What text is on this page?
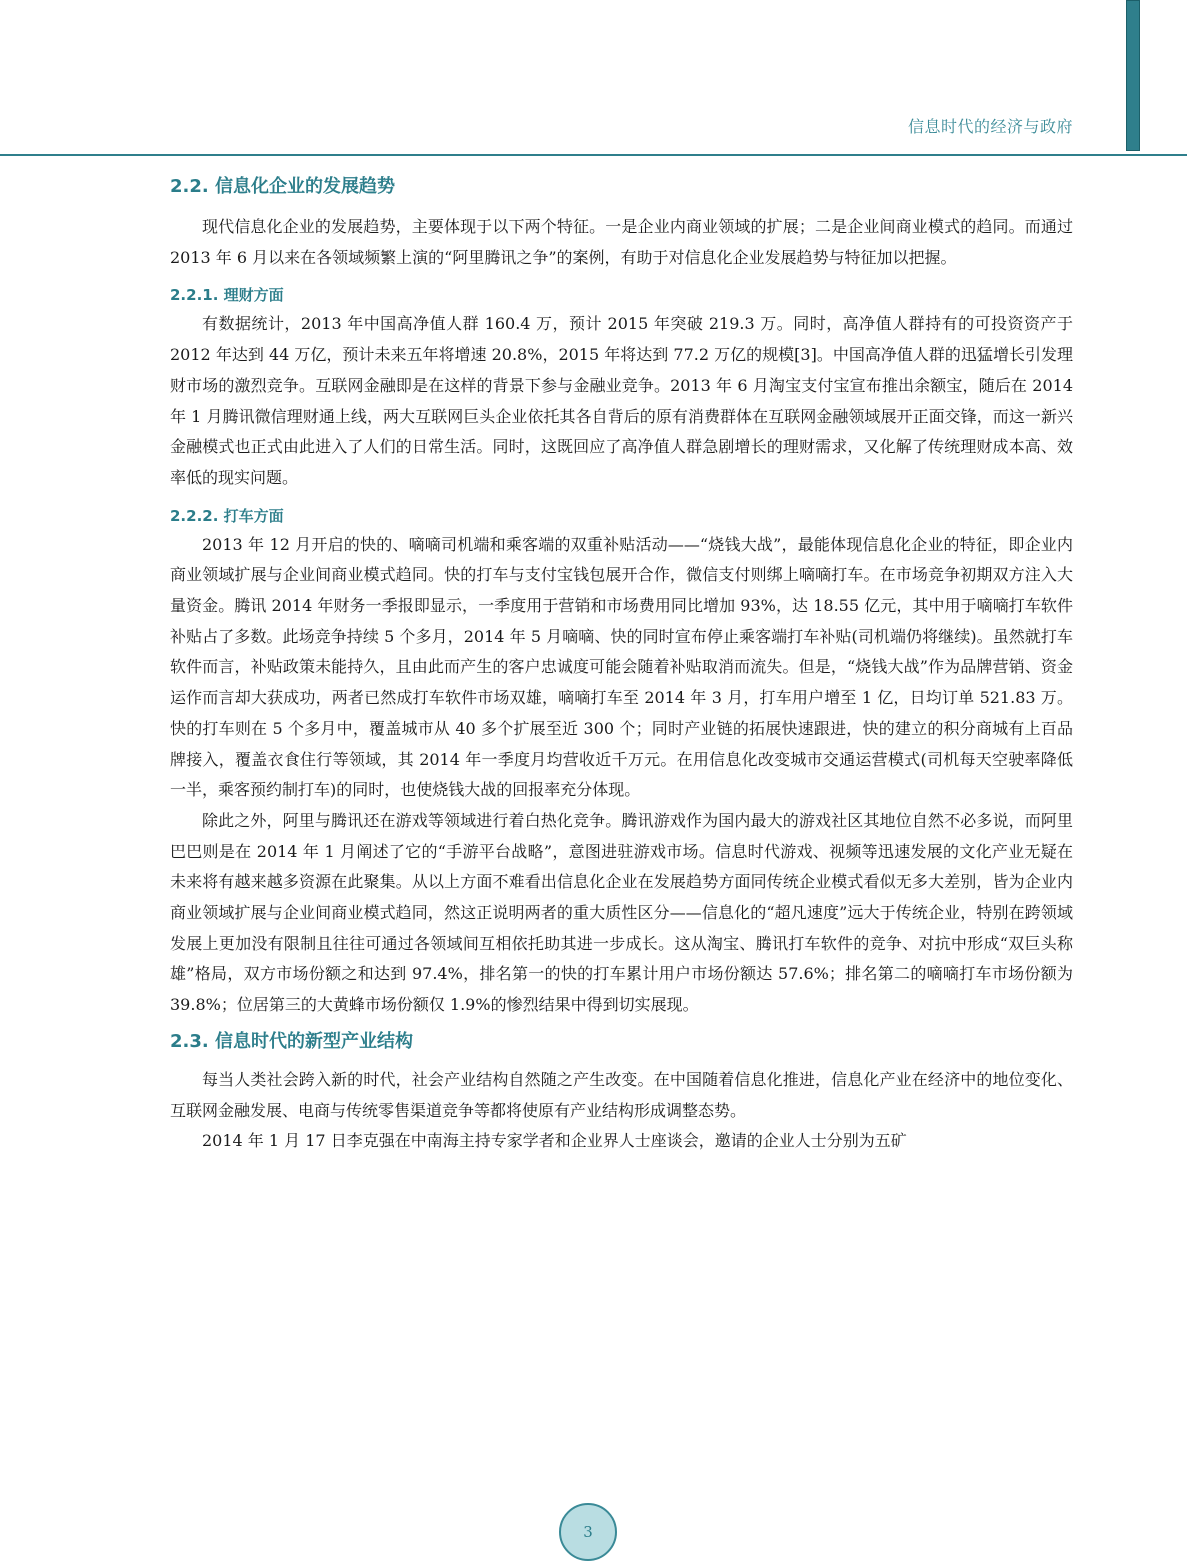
信息时代的经济与政府
2.2. 信息化企业的发展趋势

现代信息化企业的发展趋势，主要体现于以下两个特征。一是企业内商业领域的扩展；二是企业间商业模式的趋同。而通过 2013 年 6 月以来在各领域频繁上演的“阿里腾讯之争”的案例，有助于对信息化企业发展趋势与特征加以把握。

2.2.1. 理财方面

有数据统计，2013 年中国高净值人群 160.4 万，预计 2015 年突破 219.3 万。同时，高净值人群持有的可投资资产于 2012 年达到 44 万亿，预计未来五年将增速 20.8%，2015 年将达到 77.2 万亿的规模[3]。中国高净值人群的迅猛增长引发理财市场的激烈竞争。互联网金融即是在这样的背景下参与金融业竞争。2013 年 6 月淘宝支付宝宣布推出余额宝，随后在 2014 年 1 月腾讯微信理财通上线，两大互联网巨头企业依托其各自背后的原有消费群体在互联网金融领域展开正面交锋，而这一新兴金融模式也正式由此进入了人们的日常生活。同时，这既回应了高净值人群急剧增长的理财需求，又化解了传统理财成本高、效率低的现实问题。

2.2.2. 打车方面

2013 年 12 月开启的快的、嘀嘀司机端和乘客端的双重补贴活动——“烧钱大战”，最能体现信息化企业的特征，即企业内商业领域扩展与企业间商业模式趋同。快的打车与支付宝钱包展开合作，微信支付则绑上嘀嘀打车。在市场竞争初期双方注入大量资金。腾讯 2014 年财务一季报即显示，一季度用于营销和市场费用同比增加 93%，达 18.55 亿元，其中用于嘀嘀打车软件补贴占了多数。此场竞争持续 5 个多月，2014 年 5 月嘀嘀、快的同时宣布停止乘客端打车补贴(司机端仍将继续)。虽然就打车软件而言，补贴政策未能持久，且由此而产生的客户忠诚度可能会随着补贴取消而流失。但是，“烧钱大战”作为品牌营销、资金运作而言却大获成功，两者已然成打车软件市场双雄，嘀嘀打车至 2014 年 3 月，打车用户增至 1 亿，日均订单 521.83 万。快的打车则在 5 个多月中，覆盖城市从 40 多个扩展至近 300 个；同时产业链的拓展快速跟进，快的建立的积分商城有上百品牌接入，覆盖衣食住行等领域，其 2014 年一季度月均营收近千万元。在用信息化改变城市交通运营模式(司机每天空驶率降低一半，乘客预约制打车)的同时，也使烧钱大战的回报率充分体现。

除此之外，阿里与腾讯还在游戏等领域进行着白热化竞争。腾讯游戏作为国内最大的游戏社区其地位自然不必多说，而阿里巴巴则是在 2014 年 1 月阐述了它的“手游平台战略”，意图进驻游戏市场。信息时代游戏、视频等迅速发展的文化产业无疑在未来将有越来越多资源在此聚集。从以上方面不难看出信息化企业在发展趋势方面同传统企业模式看似无多大差别，皆为企业内商业领域扩展与企业间商业模式趋同，然这正说明两者的重大质性区分——信息化的“超凡速度”远大于传统企业，特别在跨领域发展上更加没有限制且往往可通过各领域间互相依托助其进一步成长。这从淘宝、腾讯打车软件的竞争、对抗中形成“双巨头称雄”格局，双方市场份额之和达到 97.4%，排名第一的快的打车累计用户市场份额达 57.6%；排名第二的嘀嘀打车市场份额为 39.8%；位居第三的大黄蜂市场份额仅 1.9%的惨烈结果中得到切实展现。

2.3. 信息时代的新型产业结构

每当人类社会跨入新的时代，社会产业结构自然随之产生改变。在中国随着信息化推进，信息化产业在经济中的地位变化、互联网金融发展、电商与传统零售渠道竞争等都将使原有产业结构形成调整态势。

2014 年 1 月 17 日李克强在中南海主持专家学者和企业界人士座谈会，邀请的企业人士分别为五矿

3
